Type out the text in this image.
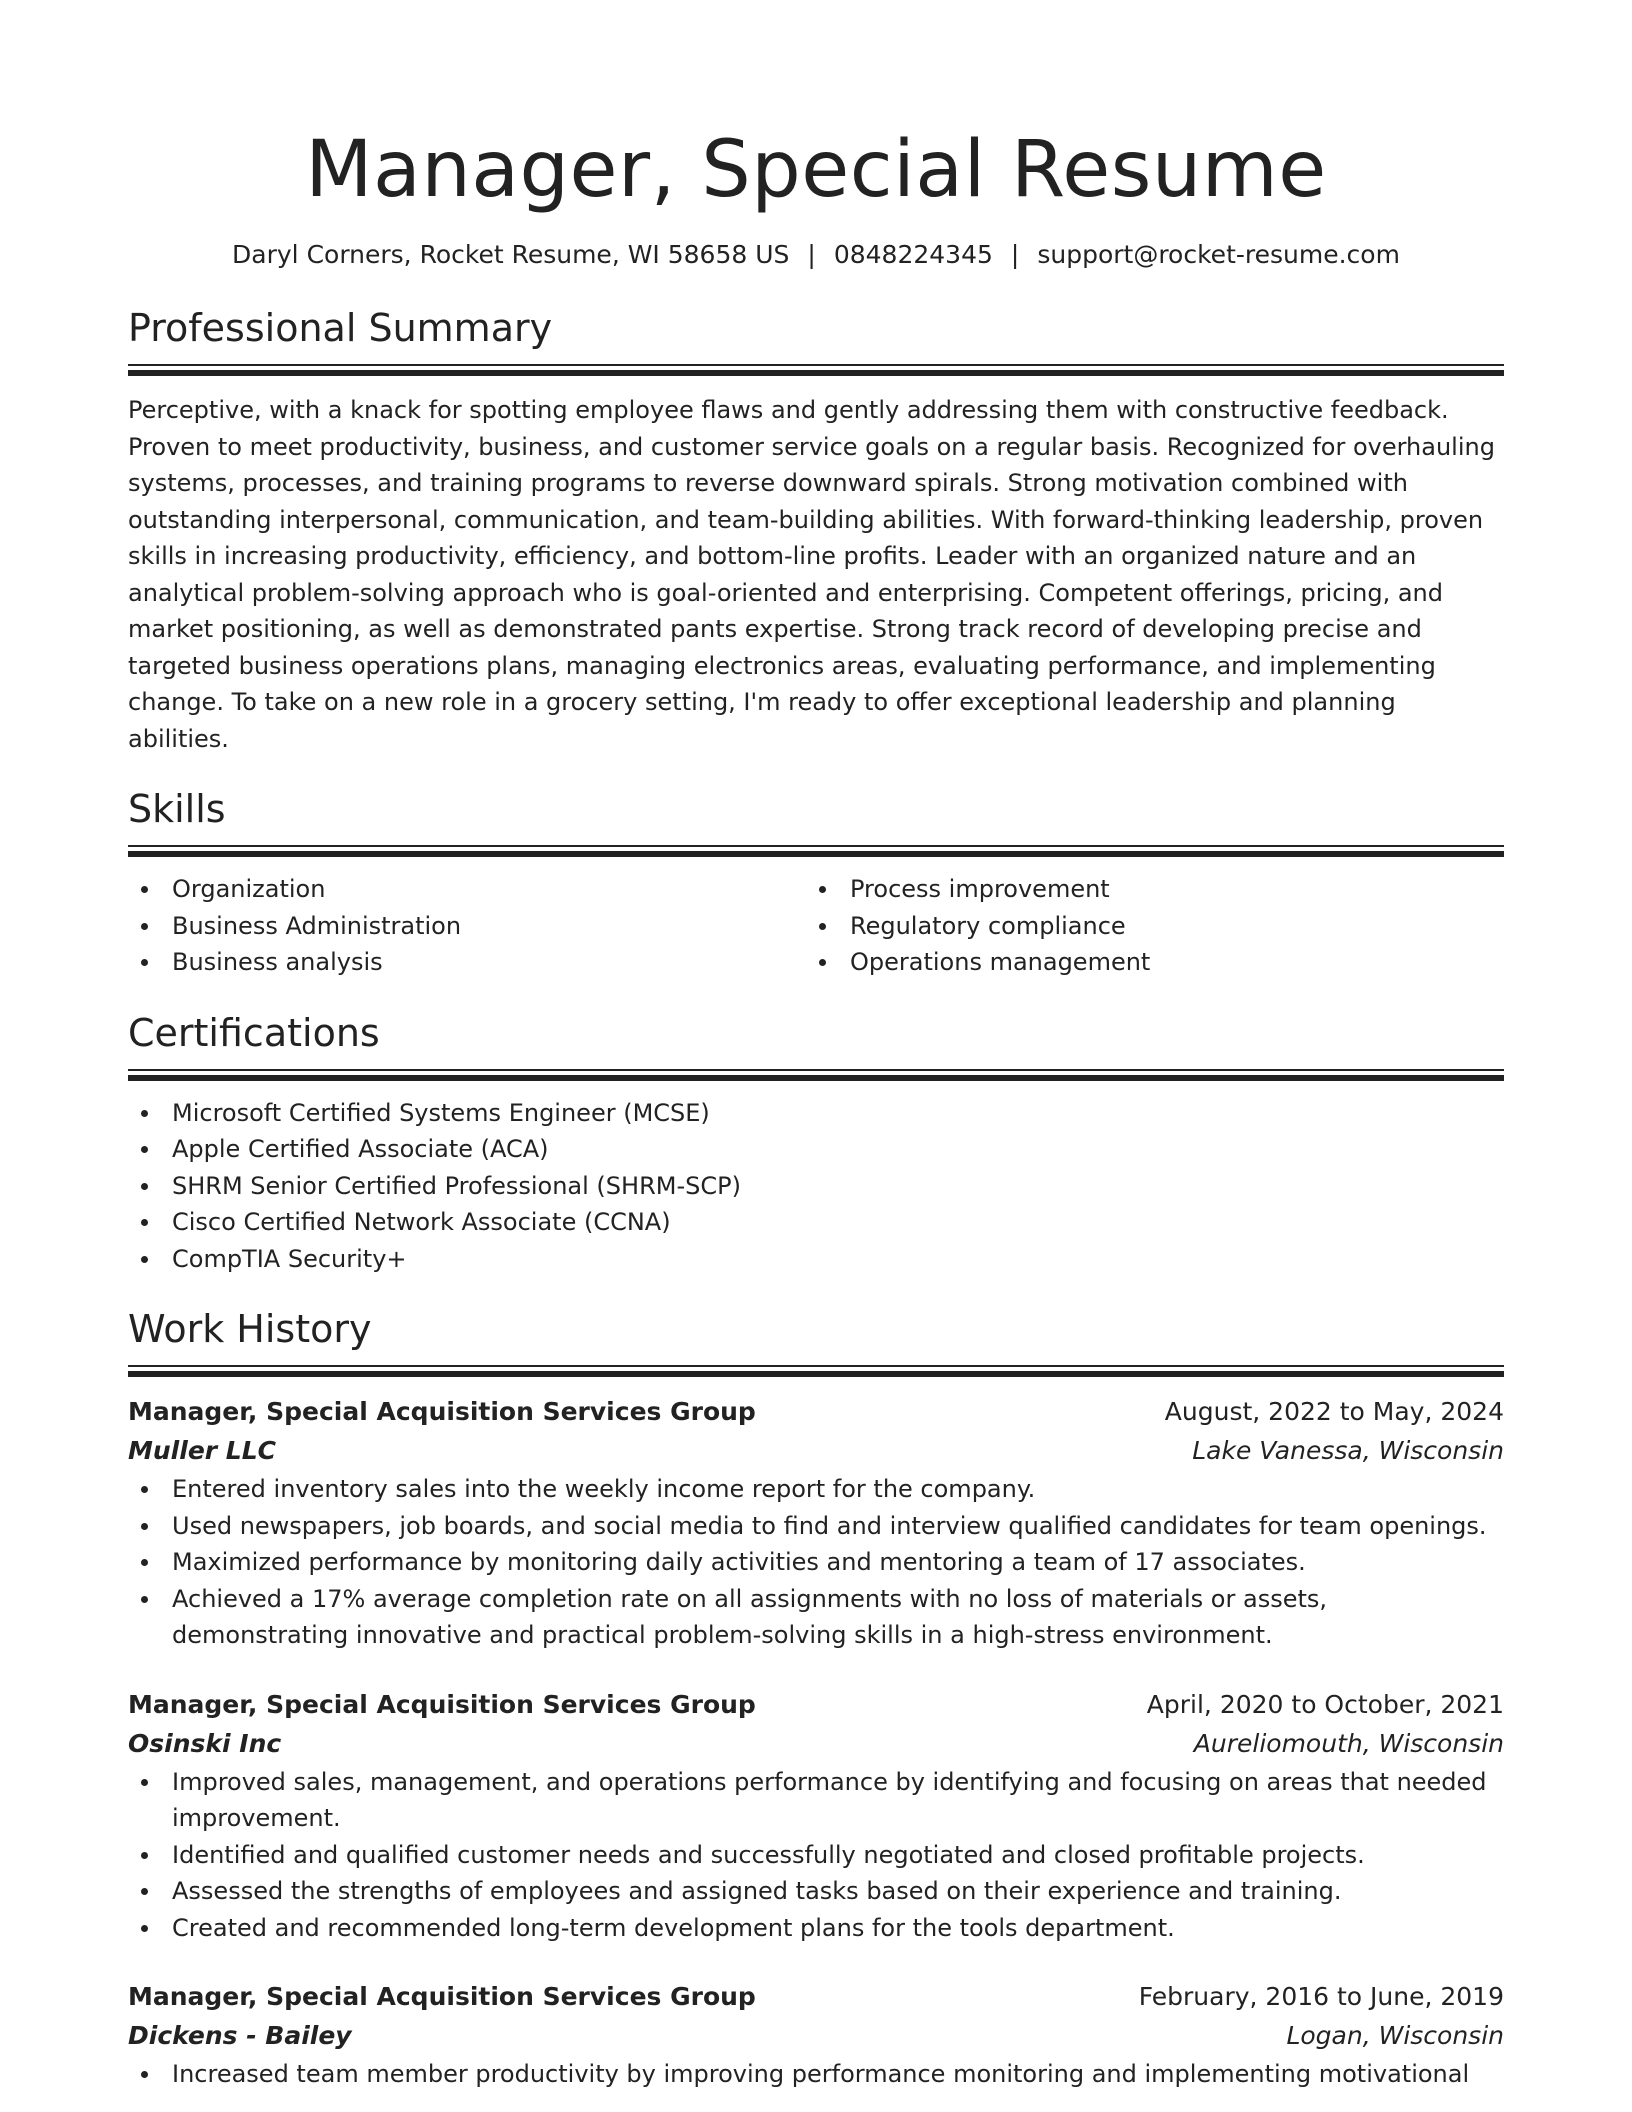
Manager, Special Resume
Daryl Corners, Rocket Resume, WI 58658 US | 0848224345 | support@rocket-resume.com
Professional Summary
Perceptive, with a knack for spotting employee flaws and gently addressing them with constructive feedback. Proven to meet productivity, business, and customer service goals on a regular basis. Recognized for overhauling systems, processes, and training programs to reverse downward spirals. Strong motivation combined with outstanding interpersonal, communication, and team-building abilities. With forward-thinking leadership, proven skills in increasing productivity, efficiency, and bottom-line profits. Leader with an organized nature and an analytical problem-solving approach who is goal-oriented and enterprising. Competent offerings, pricing, and market positioning, as well as demonstrated pants expertise. Strong track record of developing precise and targeted business operations plans, managing electronics areas, evaluating performance, and implementing change. To take on a new role in a grocery setting, I'm ready to offer exceptional leadership and planning abilities.
Skills
Organization
Business Administration
Business analysis
Process improvement
Regulatory compliance
Operations management
Certifications
Microsoft Certified Systems Engineer (MCSE)
Apple Certified Associate (ACA)
SHRM Senior Certified Professional (SHRM-SCP)
Cisco Certified Network Associate (CCNA)
CompTIA Security+
Work History
Manager, Special Acquisition Services Group	August, 2022 to May, 2024
Muller LLC	Lake Vanessa, Wisconsin
Entered inventory sales into the weekly income report for the company.
Used newspapers, job boards, and social media to find and interview qualified candidates for team openings.
Maximized performance by monitoring daily activities and mentoring a team of 17 associates.
Achieved a 17% average completion rate on all assignments with no loss of materials or assets, demonstrating innovative and practical problem-solving skills in a high-stress environment.
Manager, Special Acquisition Services Group	April, 2020 to October, 2021
Osinski Inc	Aureliomouth, Wisconsin
Improved sales, management, and operations performance by identifying and focusing on areas that needed improvement.
Identified and qualified customer needs and successfully negotiated and closed profitable projects.
Assessed the strengths of employees and assigned tasks based on their experience and training.
Created and recommended long-term development plans for the tools department.
Manager, Special Acquisition Services Group	February, 2016 to June, 2019
Dickens - Bailey	Logan, Wisconsin
Increased team member productivity by improving performance monitoring and implementing motivational
